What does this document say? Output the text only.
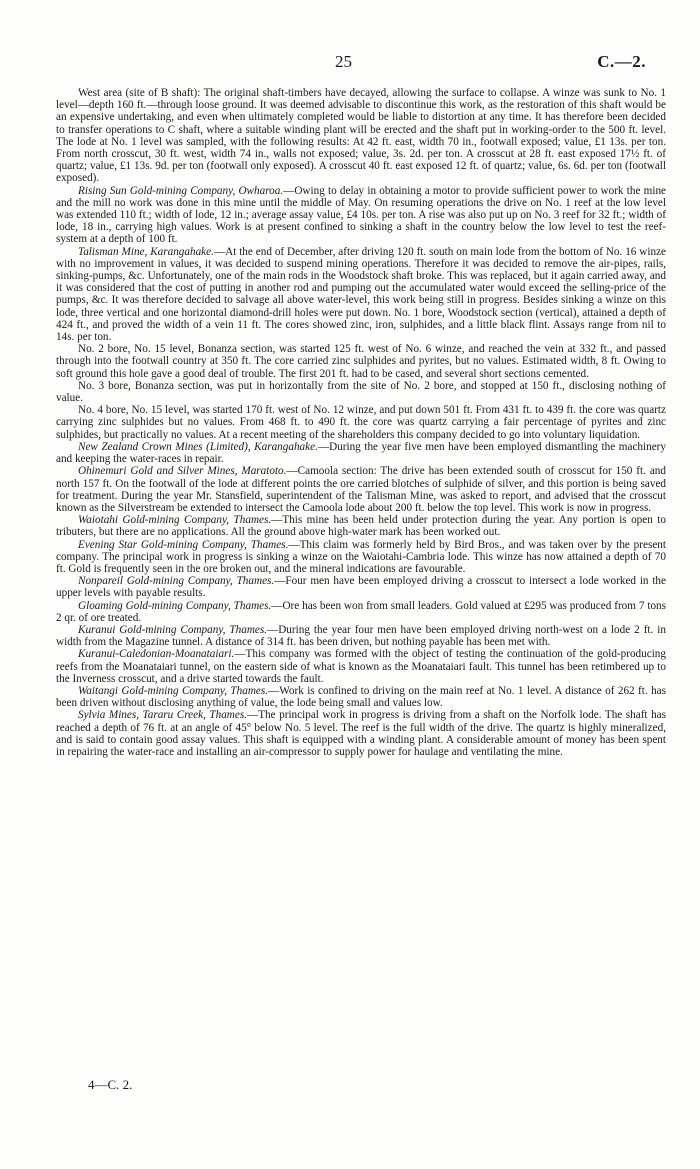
25	C.—2.

West area (site of B shaft): The original shaft-timbers have decayed, allowing the surface to collapse. A winze was sunk to No. 1 level—depth 160 ft.—through loose ground. It was deemed advisable to discontinue this work, as the restoration of this shaft would be an expensive undertaking, and even when ultimately completed would be liable to distortion at any time. It has therefore been decided to transfer operations to C shaft, where a suitable winding plant will be erected and the shaft put in working-order to the 500 ft. level. The lode at No. 1 level was sampled, with the following results: At 42 ft. east, width 70 in., footwall exposed; value, £1 13s. per ton. From north crosscut, 30 ft. west, width 74 in., walls not exposed; value, 3s. 2d. per ton. A crosscut at 28 ft. east exposed 17½ ft. of quartz; value, £1 13s. 9d. per ton (footwall only exposed). A crosscut 40 ft. east exposed 12 ft. of quartz; value, 6s. 6d. per ton (footwall exposed).

Rising Sun Gold-mining Company, Owharoa.—Owing to delay in obtaining a motor to provide sufficient power to work the mine and the mill no work was done in this mine until the middle of May. On resuming operations the drive on No. 1 reef at the low level was extended 110 ft.; width of lode, 12 in.; average assay value, £4 10s. per ton. A rise was also put up on No. 3 reef for 32 ft.; width of lode, 18 in., carrying high values. Work is at present confined to sinking a shaft in the country below the low level to test the reef-system at a depth of 100 ft.

Talisman Mine, Karangahake.—At the end of December, after driving 120 ft. south on main lode from the bottom of No. 16 winze with no improvement in values, it was decided to suspend mining operations. Therefore it was decided to remove the air-pipes, rails, sinking-pumps, &c. Unfortunately, one of the main rods in the Woodstock shaft broke. This was replaced, but it again carried away, and it was considered that the cost of putting in another rod and pumping out the accumulated water would exceed the selling-price of the pumps, &c. It was therefore decided to salvage all above water-level, this work being still in progress. Besides sinking a winze on this lode, three vertical and one horizontal diamond-drill holes were put down. No. 1 bore, Woodstock section (vertical), attained a depth of 424 ft., and proved the width of a vein 11 ft. The cores showed zinc, iron, sulphides, and a little black flint. Assays range from nil to 14s. per ton.

No. 2 bore, No. 15 level, Bonanza section, was started 125 ft. west of No. 6 winze, and reached the vein at 332 ft., and passed through into the footwall country at 350 ft. The core carried zinc sulphides and pyrites, but no values. Estimated width, 8 ft. Owing to soft ground this hole gave a good deal of trouble. The first 201 ft. had to be cased, and several short sections cemented.

No. 3 bore, Bonanza section, was put in horizontally from the site of No. 2 bore, and stopped at 150 ft., disclosing nothing of value.

No. 4 bore, No. 15 level, was started 170 ft. west of No. 12 winze, and put down 501 ft. From 431 ft. to 439 ft. the core was quartz carrying zinc sulphides but no values. From 468 ft. to 490 ft. the core was quartz carrying a fair percentage of pyrites and zinc sulphides, but practically no values. At a recent meeting of the shareholders this company decided to go into voluntary liquidation.

New Zealand Crown Mines (Limited), Karangahake.—During the year five men have been employed dismantling the machinery and keeping the water-races in repair.

Ohinemuri Gold and Silver Mines, Maratoto.—Camoola section: The drive has been extended south of crosscut for 150 ft. and north 157 ft. On the footwall of the lode at different points the ore carried blotches of sulphide of silver, and this portion is being saved for treatment. During the year Mr. Stansfield, superintendent of the Talisman Mine, was asked to report, and advised that the crosscut known as the Silverstream be extended to intersect the Camoola lode about 200 ft. below the top level. This work is now in progress.

Waiotahi Gold-mining Company, Thames.—This mine has been held under protection during the year. Any portion is open to tributers, but there are no applications. All the ground above high-water mark has been worked out.

Evening Star Gold-mining Company, Thames.—This claim was formerly held by Bird Bros., and was taken over by the present company. The principal work in progress is sinking a winze on the Waiotahi-Cambria lode. This winze has now attained a depth of 70 ft. Gold is frequently seen in the ore broken out, and the mineral indications are favourable.

Nonpareil Gold-mining Company, Thames.—Four men have been employed driving a crosscut to intersect a lode worked in the upper levels with payable results.

Gloaming Gold-mining Company, Thames.—Ore has been won from small leaders. Gold valued at £295 was produced from 7 tons 2 qr. of ore treated.

Kuranui Gold-mining Company, Thames.—During the year four men have been employed driving north-west on a lode 2 ft. in width from the Magazine tunnel. A distance of 314 ft. has been driven, but nothing payable has been met with.

Kuranui-Caledonian-Moanataiari.—This company was formed with the object of testing the continuation of the gold-producing reefs from the Moanataiari tunnel, on the eastern side of what is known as the Moanataiari fault. This tunnel has been retimbered up to the Inverness crosscut, and a drive started towards the fault.

Waitangi Gold-mining Company, Thames.—Work is confined to driving on the main reef at No. 1 level. A distance of 262 ft. has been driven without disclosing anything of value, the lode being small and values low.

Sylvia Mines, Tararu Creek, Thames.—The principal work in progress is driving from a shaft on the Norfolk lode. The shaft has reached a depth of 76 ft. at an angle of 45° below No. 5 level. The reef is the full width of the drive. The quartz is highly mineralized, and is said to contain good assay values. This shaft is equipped with a winding plant. A considerable amount of money has been spent in repairing the water-race and installing an air-compressor to supply power for haulage and ventilating the mine.

4—C. 2.
